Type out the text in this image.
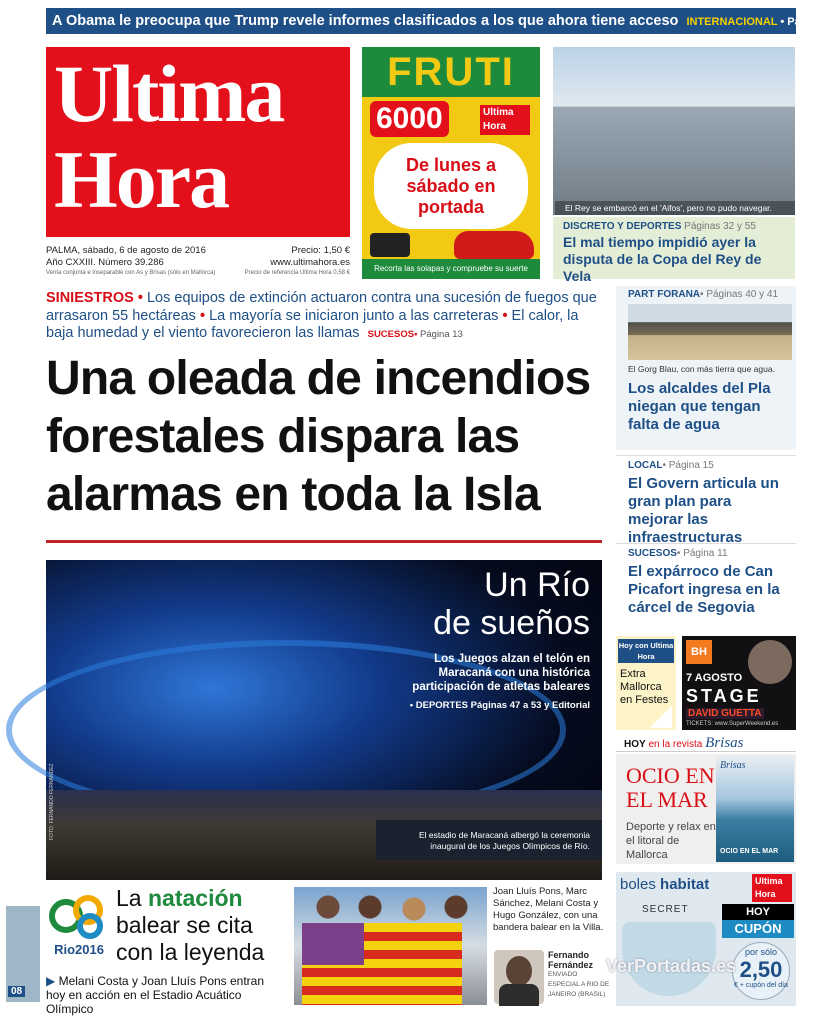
A Obama le preocupa que Trump revele informes clasificados a los que ahora tiene acceso INTERNACIONAL • Página 9
Ultima
Hora
PALMA, sábado, 6 de agosto de 2016	Precio: 1,50 €
Año CXXIII. Número 39.286	www.ultimahora.es
Venta conjunta e inseparable con As y Brisas (sólo en Mallorca)	Precio de referencia Ultima Hora 0,58 €
FRUTI
6000	Ultima Hora
De lunes a sábado en portada
Recorta las solapas y compruebe su suerte
El Rey se embarcó en el 'Aifos', pero no pudo navegar.
DISCRETO Y DEPORTES Páginas 32 y 55
El mal tiempo impidió ayer la disputa de la Copa del Rey de Vela
SINIESTROS • Los equipos de extinción actuaron contra una sucesión de fuegos que arrasaron 55 hectáreas • La mayoría se iniciaron junto a las carreteras • El calor, la baja humedad y el viento favorecieron las llamas SUCESOS• Página 13
Una oleada de incendios forestales dispara las alarmas en toda la Isla
Un Río
de sueños
Los Juegos alzan el telón en Maracaná con una histórica participación de atletas baleares
• DEPORTES Páginas 47 a 53 y Editorial
El estadio de Maracaná albergó la ceremonia inaugural de los Juegos Olímpicos de Río.
FOTO: FERNANDO FERNANDEZ
08
Rio2016
La natación balear se cita con la leyenda
▶ Melani Costa y Joan Lluís Pons entran hoy en acción en el Estadio Acuático Olímpico
Joan Lluís Pons, Marc Sánchez, Melani Costa y Hugo González, con una bandera balear en la Villa.
Fernando Fernández
ENVIADO ESPECIAL A RIO DE JANEIRO (BRASIL)
PART FORANA• Páginas 40 y 41
El Gorg Blau, con más tierra que agua.
Los alcaldes del Pla niegan que tengan falta de agua
LOCAL• Página 15
El Govern articula un gran plan para mejorar las infraestructuras
SUCESOS• Página 11
El expárroco de Can Picafort ingresa en la cárcel de Segovia
Hoy con Ultima Hora
Extra Mallorca en Festes
BH
7 AGOSTO
STAGE
DAVID GUETTA
TICKETS: www.SuperWeekend.es
HOY en la revista Brisas
OCIO EN EL MAR
Deporte y relax en el litoral de Mallorca
Brisas
OCIO EN EL MAR
boles habitat	Ultima Hora
SECRET	HOY
CUPÓN
por sólo
2,50
€ + cupón del día
VerPortadas.es
